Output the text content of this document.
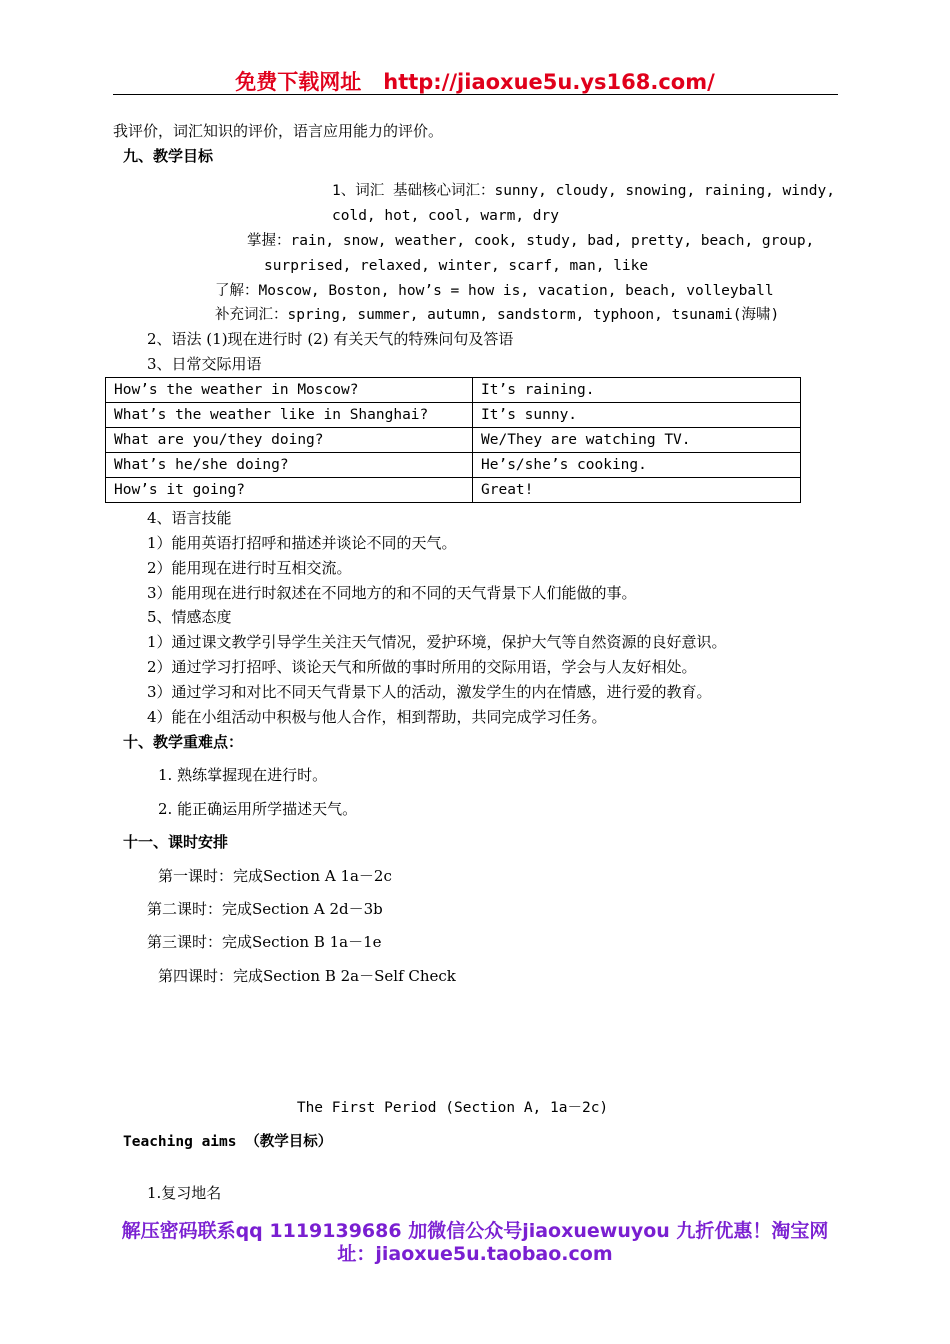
免费下载网址 http://jiaoxue5u.ys168.com/
我评价，词汇知识的评价，语言应用能力的评价。
九、教学目标
1、词汇 基础核心词汇：sunny, cloudy, snowing, raining, windy,
cold, hot, cool, warm, dry
掌握：rain, snow, weather, cook, study, bad, pretty, beach, group,
surprised, relaxed, winter, scarf, man, like
了解：Moscow, Boston, how’s = how is, vacation, beach, volleyball
补充词汇：spring, summer, autumn, sandstorm, typhoon, tsunami(海啸)
2、语法 (1)现在进行时 (2) 有关天气的特殊问句及答语
3、日常交际用语
How’s the weather in Moscow?	It’s raining.
What’s the weather like in Shanghai?	It’s sunny.
What are you/they doing?	We/They are watching TV.
What’s he/she doing?	He’s/she’s cooking.
How’s it going?	Great!
4、语言技能
1）能用英语打招呼和描述并谈论不同的天气。
2）能用现在进行时互相交流。
3）能用现在进行时叙述在不同地方的和不同的天气背景下人们能做的事。
5、情感态度
1）通过课文教学引导学生关注天气情况，爱护环境，保护大气等自然资源的良好意识。
2）通过学习打招呼、谈论天气和所做的事时所用的交际用语，学会与人友好相处。
3）通过学习和对比不同天气背景下人的活动，激发学生的内在情感，进行爱的教育。
4）能在小组活动中积极与他人合作，相到帮助，共同完成学习任务。
十、教学重难点：
1. 熟练掌握现在进行时。
2. 能正确运用所学描述天气。
十一、课时安排
第一课时：完成Section A 1a－2c
第二课时：完成Section A 2d－3b
第三课时：完成Section B 1a－1e
第四课时：完成Section B 2a－Self Check
The First Period (Section A, 1a－2c)
Teaching aims （教学目标）
1.复习地名
解压密码联系qq 1119139686 加微信公众号jiaoxuewuyou 九折优惠！淘宝网址：jiaoxue5u.taobao.com
